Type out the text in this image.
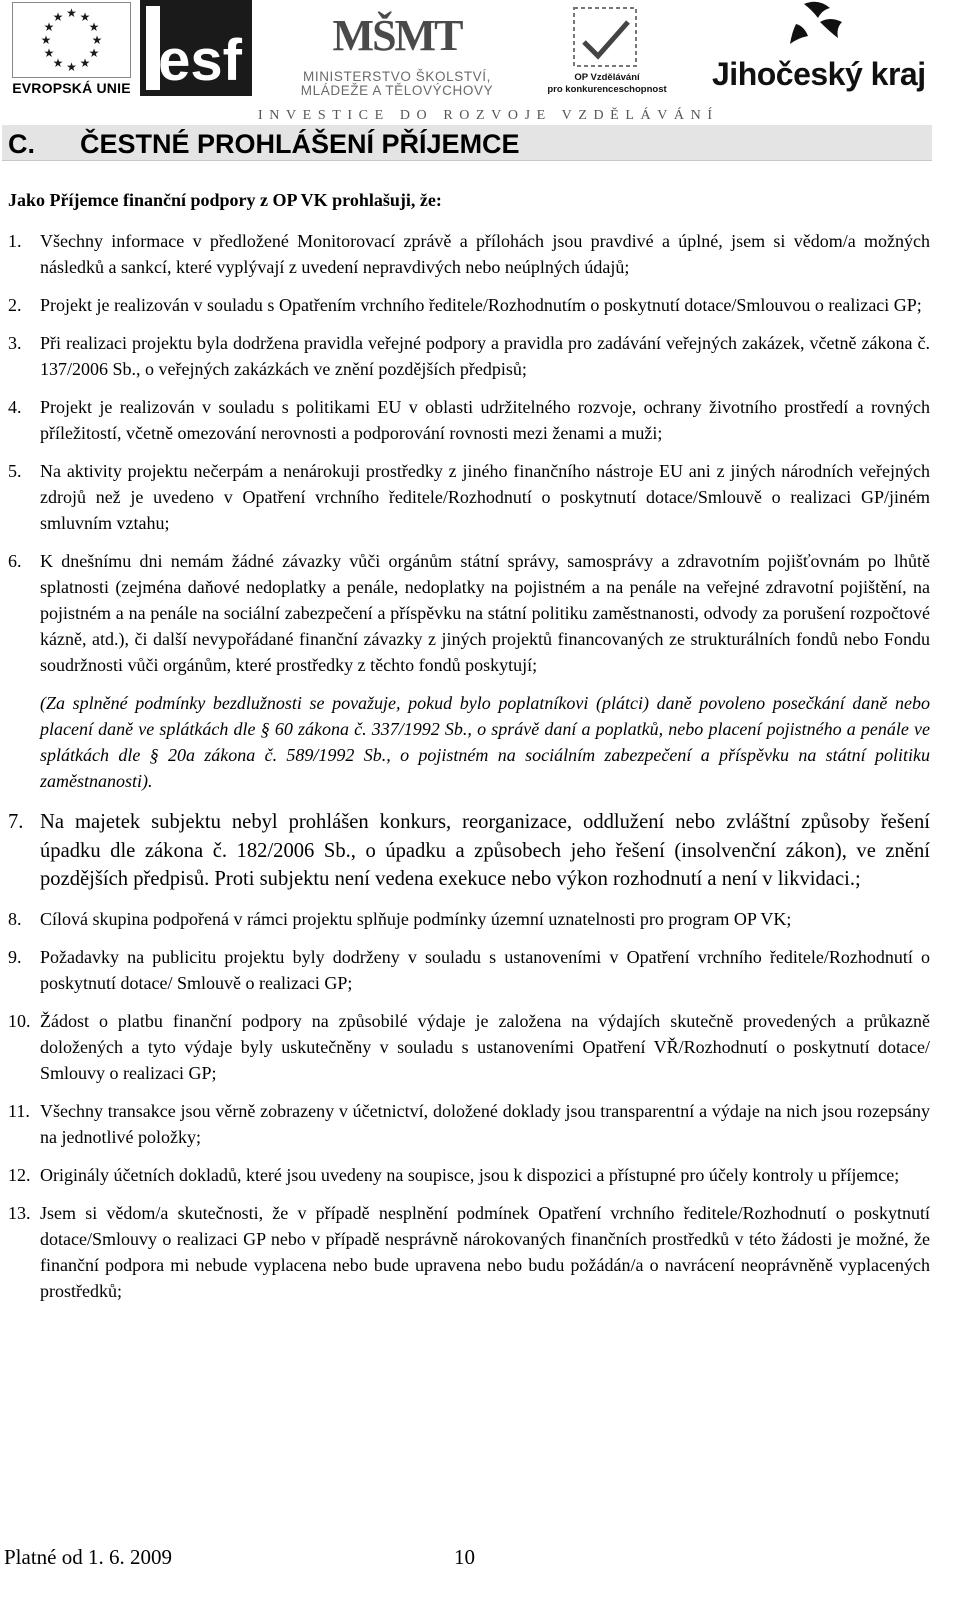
★ ★
★
★
★
★
★
★
★
★
★
★
EVROPSKÁ UNIE esf MŠMT
MINISTERSTVO ŠKOLSTVÍ,
MLÁDEŽE A TĚLOVÝCHOVY
OP Vzdělávání
pro konkurenceschopnost	Jihočeský kraj
INVESTICE DO ROZVOJE VZDĚLÁVÁNÍ
C. ČESTNÉ PROHLÁŠENÍ PŘÍJEMCE
Jako Příjemce finanční podpory z OP VK prohlašuji, že:
1. Všechny informace v předložené Monitorovací zprávě a přílohách jsou pravdivé a úplné, jsem si vědom/a možných následků a sankcí, které vyplývají z uvedení nepravdivých nebo neúplných údajů;
2. Projekt je realizován v souladu s Opatřením vrchního ředitele/Rozhodnutím o poskytnutí dotace/Smlouvou o realizaci GP;
3. Při realizaci projektu byla dodržena pravidla veřejné podpory a pravidla pro zadávání veřejných zakázek, včetně zákona č. 137/2006 Sb., o veřejných zakázkách ve znění pozdějších předpisů;
4. Projekt je realizován v souladu s politikami EU v oblasti udržitelného rozvoje, ochrany životního prostředí a rovných příležitostí, včetně omezování nerovnosti a podporování rovnosti mezi ženami a muži;
5. Na aktivity projektu nečerpám a nenárokuji prostředky z jiného finančního nástroje EU ani z jiných národních veřejných zdrojů než je uvedeno v Opatření vrchního ředitele/Rozhodnutí o poskytnutí dotace/Smlouvě o realizaci GP/jiném smluvním vztahu;
6. K dnešnímu dni nemám žádné závazky vůči orgánům státní správy, samosprávy a zdravotním pojišťovnám po lhůtě splatnosti (zejména daňové nedoplatky a penále, nedoplatky na pojistném a na penále na veřejné zdravotní pojištění, na pojistném a na penále na sociální zabezpečení a příspěvku na státní politiku zaměstnanosti, odvody za porušení rozpočtové kázně, atd.), či další nevypořádané finanční závazky z jiných projektů financovaných ze strukturálních fondů nebo Fondu soudržnosti vůči orgánům, které prostředky z těchto fondů poskytují;
(Za splněné podmínky bezdlužnosti se považuje, pokud bylo poplatníkovi (plátci) daně povoleno posečkání daně nebo placení daně ve splátkách dle § 60 zákona č. 337/1992 Sb., o správě daní a poplatků, nebo placení pojistného a penále ve splátkách dle § 20a zákona č. 589/1992 Sb., o pojistném na sociálním zabezpečení a příspěvku na státní politiku zaměstnanosti).
7. Na majetek subjektu nebyl prohlášen konkurs, reorganizace, oddlužení nebo zvláštní způsoby řešení úpadku dle zákona č. 182/2006 Sb., o úpadku a způsobech jeho řešení (insolvenční zákon), ve znění pozdějších předpisů. Proti subjektu není vedena exekuce nebo výkon rozhodnutí a není v likvidaci.;
8. Cílová skupina podpořená v rámci projektu splňuje podmínky územní uznatelnosti pro program OP VK;
9. Požadavky na publicitu projektu byly dodrženy v souladu s ustanoveními v Opatření vrchního ředitele/Rozhodnutí o poskytnutí dotace/ Smlouvě o realizaci GP;
10. Žádost o platbu finanční podpory na způsobilé výdaje je založena na výdajích skutečně provedených a průkazně doložených a tyto výdaje byly uskutečněny v souladu s ustanoveními Opatření VŘ/Rozhodnutí o poskytnutí dotace/ Smlouvy o realizaci GP;
11. Všechny transakce jsou věrně zobrazeny v účetnictví, doložené doklady jsou transparentní a výdaje na nich jsou rozepsány na jednotlivé položky;
12. Originály účetních dokladů, které jsou uvedeny na soupisce, jsou k dispozici a přístupné pro účely kontroly u příjemce;
13. Jsem si vědom/a skutečnosti, že v případě nesplnění podmínek Opatření vrchního ředitele/Rozhodnutí o poskytnutí dotace/Smlouvy o realizaci GP nebo v případě nesprávně nárokovaných finančních prostředků v této žádosti je možné, že finanční podpora mi nebude vyplacena nebo bude upravena nebo budu požádán/a o navrácení neoprávněně vyplacených prostředků;
Platné od 1. 6. 2009	10
